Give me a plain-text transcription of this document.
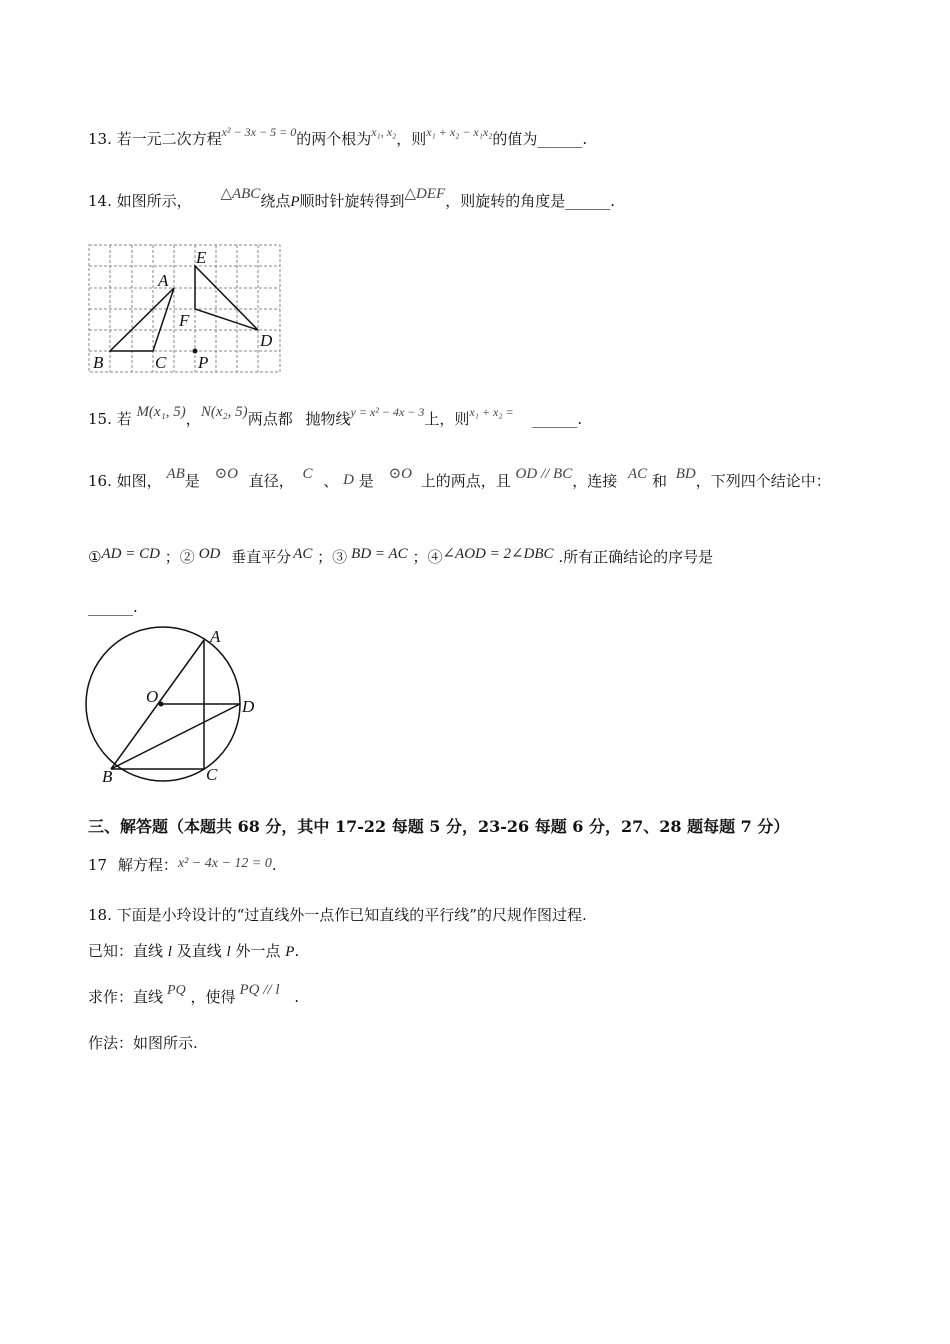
13. 若一元二次方程$^{x^2 - 3x - 5 = 0}$的两个根为$^{x_1, x_2}$，则$^{x_1 + x_2 - x_1x_2}$的值为______.
14. 如图所示， △ABC绕点P顺时针旋转得到△DEF，则旋转的角度是______.
A
B	C
D
E
F
P
15. 若 M(x₁, 5)，N(x₂, 5)两点都 抛物线$^{y = x^2 - 4x - 3}$上，则$^{x_1 + x_2 =}$ ______.
16. 如图， AB是 ⊙O 直径， C 、 D 是 ⊙O 上的两点，且 OD // BC，连接 AC 和 BD，下列四个结论中：
①AD = CD ；② OD 垂直平分 AC ；③ BD = AC ；④∠AOD = 2∠DBC .所有正确结论的序号是
______.
A
O
D
B	C
三、解答题（本题共 68 分，其中 17-22 每题 5 分，23-26 每题 6 分，27、28 题每题 7 分）
17 解方程：x² − 4x − 12 = 0.
18. 下面是小玲设计的“过直线外一点作已知直线的平行线”的尺规作图过程.
已知：直线 l 及直线 l 外一点 P.
求作：直线 PQ ，使得 PQ // l .
作法：如图所示.
